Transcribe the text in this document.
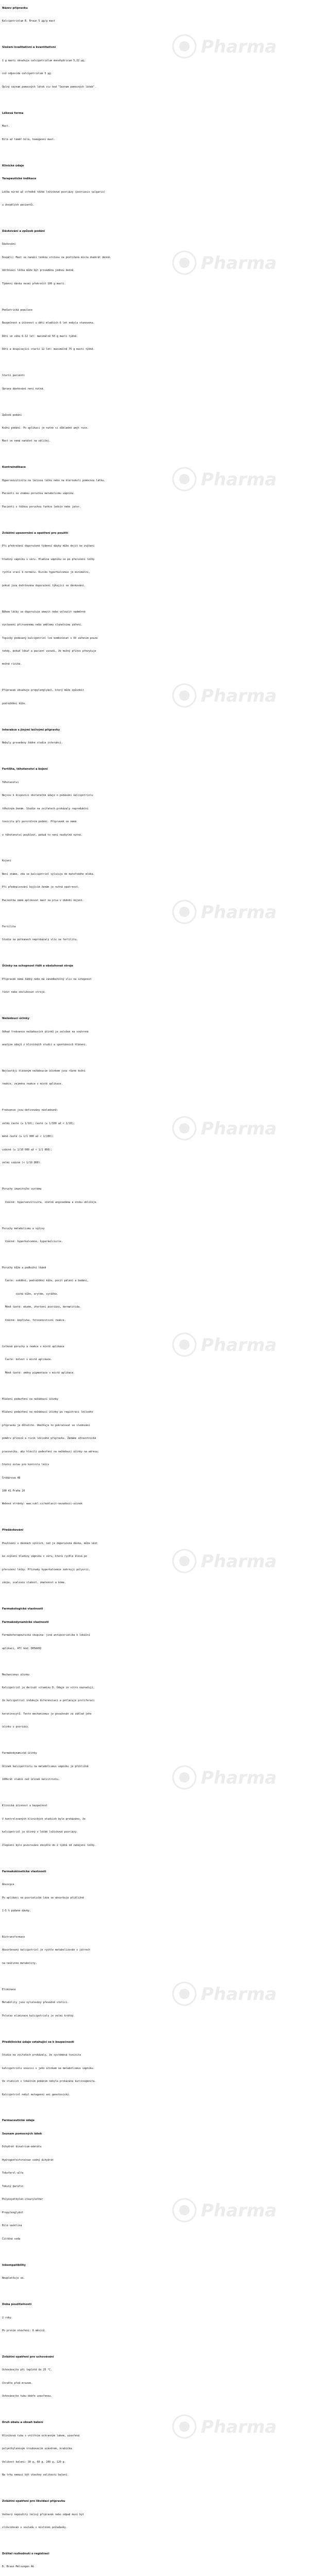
Název přípravku
Kalcipotriolum B. Braun 5 µg/g mast
Složení kvalitativní a kvantitativní
1 g masti obsahuje calcipotriolum monohydricum 5,22 µg,
což odpovídá calcipotriolum 5 µg.
Úplný seznam pomocných látek viz bod "Seznam pomocných látek".
Léková forma
Mast.
Bílá až téměř bílá, homogenní mast.
Klinické údaje
Terapeutické indikace
Léčba mírné až středně těžké ložiskové psoriázy (psoriasis vulgaris)
u dospělých pacientů.
Dávkování a způsob podání
Dávkování
Dospělí: Mast se nanáší tenkou vrstvou na postižená místa dvakrát denně.
Udržovací léčba může být prováděna jednou denně.
Týdenní dávka nesmí překročit 100 g masti.
Pediatrická populace
Bezpečnost a účinnost u dětí mladších 6 let nebyla stanovena.
Děti ve věku 6-12 let: maximálně 50 g masti týdně.
Děti a dospívající starší 12 let: maximálně 75 g masti týdně.
Starší pacienti
Úprava dávkování není nutná.
Způsob podání
Kožní podání. Po aplikaci je nutné si důkladně umýt ruce.
Mast se nemá nanášet na obličej.
Kontraindikace
Hypersenzitivita na léčivou látku nebo na kteroukoli pomocnou látku.
Pacienti se známou poruchou metabolismu vápníku.
Pacienti s těžkou poruchou funkce ledvin nebo jater.
Zvláštní upozornění a opatření pro použití
Při překročení doporučené týdenní dávky může dojít ke zvýšení
hladiny vápníku v séru. Hladina vápníku se po přerušení léčby
rychle vrací k normálu. Riziko hyperkalcemie je minimální,
pokud jsou dodržována doporučení týkající se dávkování.
Během léčby se doporučuje omezit nebo vyloučit nadměrné
vystavení přirozenému nebo umělému slunečnímu záření.
Topicky podávaný kalcipotriol lze kombinovat s UV zářením pouze
tehdy, pokud lékař a pacient usoudí, že možný přínos převyšuje
možná rizika.
Přípravek obsahuje propylenglykol, který může způsobit
podráždění kůže.
Interakce s jinými léčivými přípravky
Nebyly provedeny žádné studie interakcí.
Fertilita, těhotenství a kojení
Těhotenství
Nejsou k dispozici dostatečné údaje o podávání kalcipotriolu
těhotným ženám. Studie na zvířatech prokázaly reprodukční
toxicitu při perorálním podání. Přípravek se nemá
v těhotenství používat, pokud to není nezbytně nutné.
Kojení
Není známo, zda se kalcipotriol vylučuje do mateřského mléka.
Při předepisování kojícím ženám je nutná opatrnost.
Pacientka nemá aplikovat mast na prsa v období kojení.
Fertilita
Studie na potkanech neprokázaly vliv na fertilitu.
Účinky na schopnost řídit a obsluhovat stroje
Přípravek nemá žádný nebo má zanedbatelný vliv na schopnost
řídit nebo obsluhovat stroje.
Nežádoucí účinky
Odhad frekvence nežádoucích účinků je založen na souhrnné
analýze údajů z klinických studií a spontánních hlášení.
Nejčastěji hlášeným nežádoucím účinkem jsou různé kožní
reakce, zejména reakce v místě aplikace.
Frekvence jsou definovány následovně:
velmi časté (≥ 1/10); časté (≥ 1/100 až < 1/10);
méně časté (≥ 1/1 000 až < 1/100);
vzácné (≥ 1/10 000 až < 1/1 000);
velmi vzácné (< 1/10 000).
Poruchy imunitního systému
Vzácné: hypersenzitivita, včetně angioedému a otoku obličeje.
Poruchy metabolismu a výživy
Vzácné: hyperkalcemie, hyperkalciurie.
Poruchy kůže a podkožní tkáně
Časté: svědění, podráždění kůže, pocit pálení a bodání,
suchá kůže, erytém, vyrážka.
Méně časté: ekzém, zhoršení psoriázy, dermatitida.
Vzácné: kopřivka, fotosenzitivní reakce.
Celkové poruchy a reakce v místě aplikace
Časté: bolest v místě aplikace.
Méně časté: změny pigmentace v místě aplikace.
Hlášení podezření na nežádoucí účinky
Hlášení podezření na nežádoucí účinky po registraci léčivého
přípravku je důležité. Umožňuje to pokračovat ve sledování
poměru přínosů a rizik léčivého přípravku. Žádáme zdravotnické
pracovníky, aby hlásili podezření na nežádoucí účinky na adresu:
Státní ústav pro kontrolu léčiv
Šrobárova 48
100 41 Praha 10
Webové stránky: www.sukl.cz/nahlasit-nezadouci-ucinek
Předávkování
Používání v dávkách vyšších, než je doporučená dávka, může vést
ke zvýšení hladiny vápníku v séru, která rychle klesá po
přerušení léčby. Příznaky hyperkalcemie zahrnují polyurii,
zácpu, svalovou slabost, zmatenost a kóma.
Farmakologické vlastnosti
Farmakodynamické vlastnosti
Farmakoterapeutická skupina: jiná antipsoriatika k lokální
aplikaci, ATC kód: D05AX02
Mechanismus účinku
Kalcipotriol je derivát vitaminu D. Údaje in vitro naznačují,
že kalcipotriol indukuje diferenciaci a potlačuje proliferaci
keratinocytů. Tento mechanismus je považován za základ jeho
účinku u psoriázy.
Farmakodynamické účinky
Účinek kalcipotriolu na metabolismus vápníku je přibližně
100krát slabší než účinek kalcitriolu.
Klinická účinnost a bezpečnost
V kontrolovaných klinických studiích bylo prokázáno, že
kalcipotriol je účinný v léčbě ložiskové psoriázy.
Zlepšení bylo pozorováno obvykle do 2 týdnů od zahájení léčby.
Farmakokinetické vlastnosti
Absorpce
Po aplikaci na psoriatické léze se absorbuje přibližně
1-5 % podané dávky.
Biotransformace
Absorbovaný kalcipotriol je rychle metabolizován v játrech
na neúčinné metabolity.
Eliminace
Metabolity jsou vylučovány převážně stolicí.
Poločas eliminace kalcipotriolu je velmi krátký.
Předklinické údaje vztahující se k bezpečnosti
Studie na zvířatech prokázaly, že systémová toxicita
kalcipotriolu souvisí s jeho účinkem na metabolismus vápníku.
Ve studiích s lokálním podáním nebyla prokázána karcinogenita.
Kalcipotriol nebyl mutagenní ani genotoxický.
Farmaceutické údaje
Seznam pomocných látek
Dihydrát dinatrium-edetátu
Hydrogenfosforečnan sodný dihydrát
Tokoferol-alfa
Tekutý parafin
Polyoxyethylen-stearylether
Propylenglykol
Bílá vazelína
Čištěná voda
Inkompatibility
Neuplatňuje se.
Doba použitelnosti
2 roky.
Po prvním otevření: 6 měsíců.
Zvláštní opatření pro uchovávání
Uchovávejte při teplotě do 25 °C.
Chraňte před mrazem.
Uchovávejte tubu dobře uzavřenou.
Druh obalu a obsah balení
Hliníková tuba s vnitřním ochranným lakem, uzavřená
polyethylenovým šroubovacím uzávěrem, krabička.
Velikost balení: 30 g, 60 g, 100 g, 120 g.
Na trhu nemusí být všechny velikosti balení.
Zvláštní opatření pro likvidaci přípravku
Veškerý nepoužitý léčivý přípravek nebo odpad musí být
zlikvidován v souladu s místními požadavky.
Držitel rozhodnutí o registraci
B. Braun Melsungen AG
Pharma
Pharma
Pharma
Pharma
Pharma
Pharma
Pharma
Pharma
Pharma
Pharma
Pharma
Pharma
